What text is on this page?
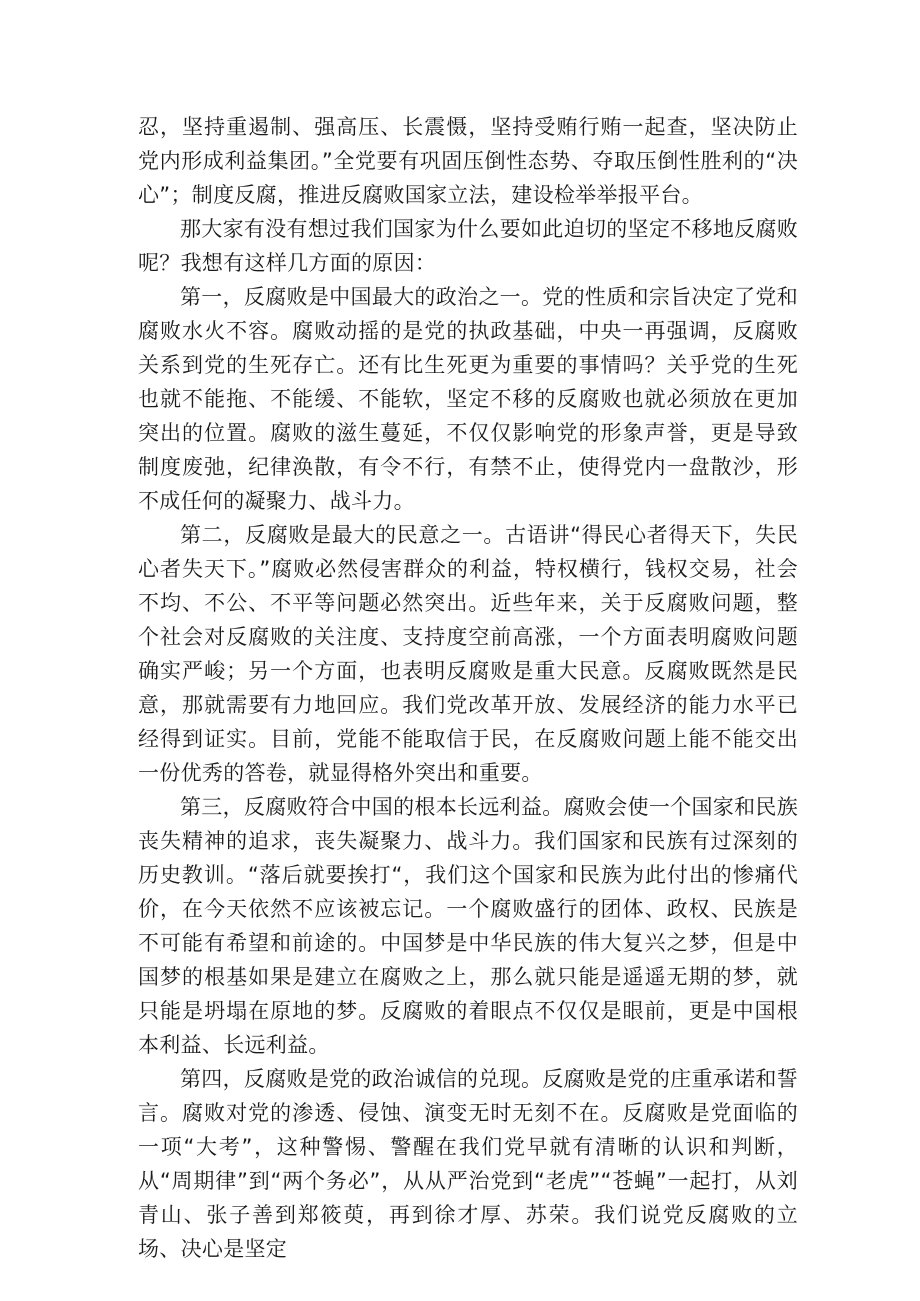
忍，坚持重遏制、强高压、长震慑，坚持受贿行贿一起查，坚决防止党内形成利益集团。”全党要有巩固压倒性态势、夺取压倒性胜利的“决心”；制度反腐，推进反腐败国家立法，建设检举举报平台。

那大家有没有想过我们国家为什么要如此迫切的坚定不移地反腐败呢？我想有这样几方面的原因：

第一，反腐败是中国最大的政治之一。党的性质和宗旨决定了党和腐败水火不容。腐败动摇的是党的执政基础，中央一再强调，反腐败关系到党的生死存亡。还有比生死更为重要的事情吗？关乎党的生死也就不能拖、不能缓、不能软，坚定不移的反腐败也就必须放在更加突出的位置。腐败的滋生蔓延，不仅仅影响党的形象声誉，更是导致制度废弛，纪律涣散，有令不行，有禁不止，使得党内一盘散沙，形不成任何的凝聚力、战斗力。

第二，反腐败是最大的民意之一。古语讲“得民心者得天下，失民心者失天下。”腐败必然侵害群众的利益，特权横行，钱权交易，社会不均、不公、不平等问题必然突出。近些年来，关于反腐败问题，整个社会对反腐败的关注度、支持度空前高涨，一个方面表明腐败问题确实严峻；另一个方面，也表明反腐败是重大民意。反腐败既然是民意，那就需要有力地回应。我们党改革开放、发展经济的能力水平已经得到证实。目前，党能不能取信于民，在反腐败问题上能不能交出一份优秀的答卷，就显得格外突出和重要。

第三，反腐败符合中国的根本长远利益。腐败会使一个国家和民族丧失精神的追求，丧失凝聚力、战斗力。我们国家和民族有过深刻的历史教训。“落后就要挨打“，我们这个国家和民族为此付出的惨痛代价，在今天依然不应该被忘记。一个腐败盛行的团体、政权、民族是不可能有希望和前途的。中国梦是中华民族的伟大复兴之梦，但是中国梦的根基如果是建立在腐败之上，那么就只能是遥遥无期的梦，就只能是坍塌在原地的梦。反腐败的着眼点不仅仅是眼前，更是中国根本利益、长远利益。

第四，反腐败是党的政治诚信的兑现。反腐败是党的庄重承诺和誓言。腐败对党的渗透、侵蚀、演变无时无刻不在。反腐败是党面临的一项“大考”，这种警惕、警醒在我们党早就有清晰的认识和判断，从“周期律”到“两个务必”，从从严治党到“老虎”“苍蝇”一起打，从刘青山、张子善到郑筱萸，再到徐才厚、苏荣。我们说党反腐败的立场、决心是坚定
